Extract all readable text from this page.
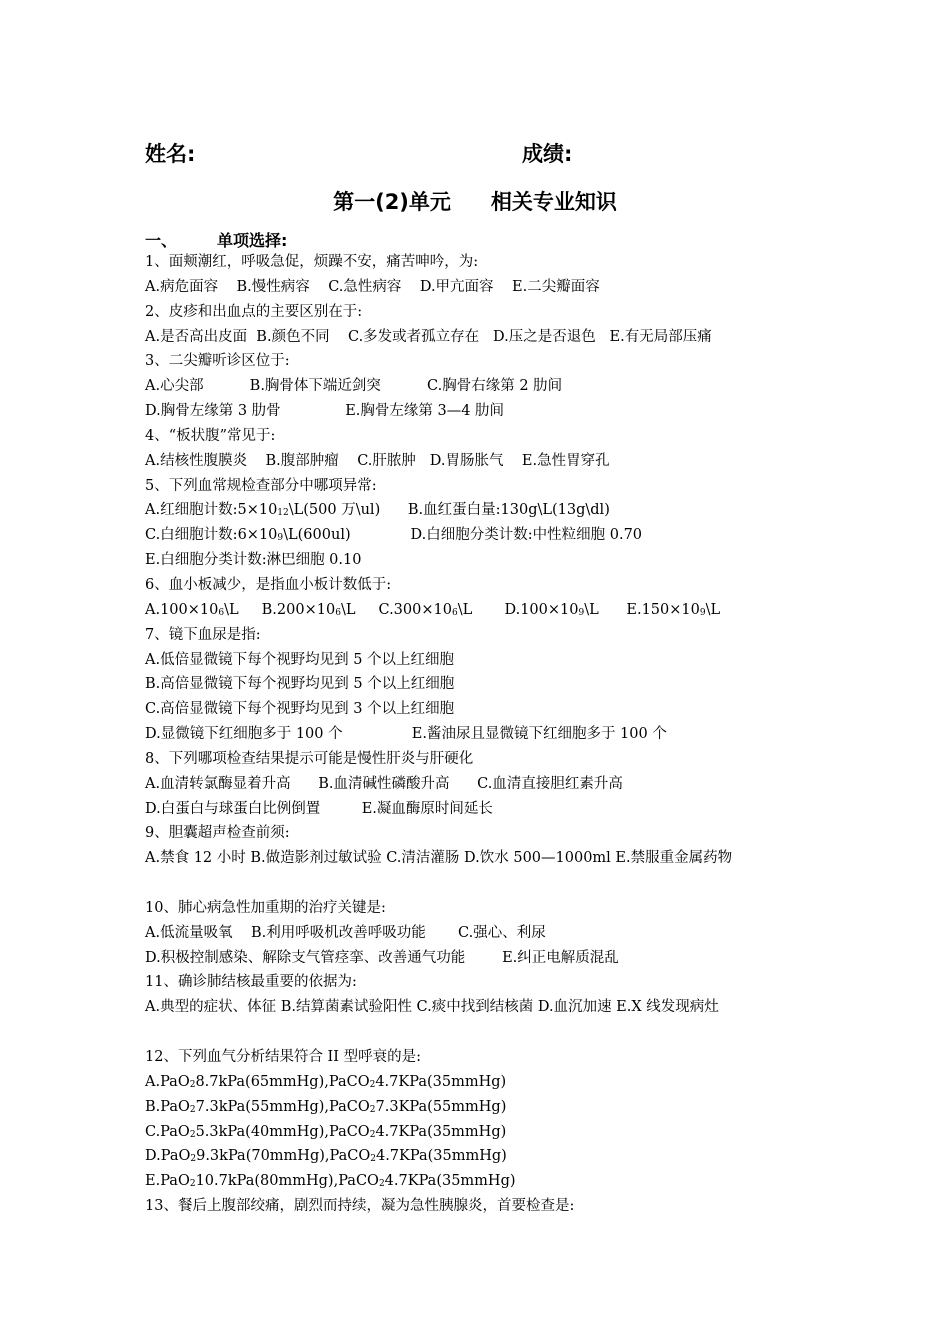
姓名:	成绩:
第一(2)单元 相关专业知识
一、	单项选择:
1、面颊潮红，呼吸急促，烦躁不安，痛苦呻吟，为:
A.病危面容    B.慢性病容    C.急性病容    D.甲亢面容    E.二尖瓣面容
2、皮疹和出血点的主要区别在于:
A.是否高出皮面  B.颜色不同    C.多发或者孤立存在   D.压之是否退色   E.有无局部压痛
3、二尖瓣听诊区位于:
A.心尖部          B.胸骨体下端近剑突          C.胸骨右缘第 2 肋间
D.胸骨左缘第 3 肋骨              E.胸骨左缘第 3—4 肋间
4、“板状腹”常见于:
A.结核性腹膜炎    B.腹部肿瘤    C.肝脓肿   D.胃肠胀气    E.急性胃穿孔
5、下列血常规检查部分中哪项异常:
A.红细胞计数$:5\times 10_{12}\backslash L(500$ 万\ul)      B.血红蛋白量:130g\L(13g\dl)
C.白细胞计数$:6\times 10_9\backslash L(600ul)$             D.白细胞分类计数:中性粒细胞 0.70
E.白细胞分类计数:淋巴细胞 0.10
6、血小板减少，是指血小板计数低于:
$A.100\times 10_6\backslash L$     $B.200\times 10_6\backslash L$     $C.300\times 10_6\backslash L$       $D.100\times 10_9\backslash L$      $E.150\times 10_9\backslash L$
7、镜下血尿是指:
A.低倍显微镜下每个视野均见到 5 个以上红细胞
B.高倍显微镜下每个视野均见到 5 个以上红细胞
C.高倍显微镜下每个视野均见到 3 个以上红细胞
D.显微镜下红细胞多于 100 个               E.酱油尿且显微镜下红细胞多于 100 个
8、下列哪项检查结果提示可能是慢性肝炎与肝硬化
A.血清转氯酶显着升高      B.血清碱性磷酸升高      C.血清直接胆红素升高
D.白蛋白与球蛋白比例倒置         E.凝血酶原时间延长
9、胆囊超声检查前须:
A.禁食 12 小时 B.做造影剂过敏试验 C.清洁灌肠 D.饮水 500—1000ml E.禁服重金属药物
10、肺心病急性加重期的治疗关键是:
A.低流量吸氧    B.利用呼吸机改善呼吸功能       C.强心、利尿
D.积极控制感染、解除支气管痉挛、改善通气功能        E.纠正电解质混乱
11、确诊肺结核最重要的依据为:
A.典型的症状、体征 B.结算菌素试验阳性 C.痰中找到结核菌 D.血沉加速 E.X 线发现病灶
12、下列血气分析结果符合 II 型呼衰的是:
A.PaO$_2$8.7kPa(65mmHg),PaCO$_2$4.7KPa(35mmHg)
B.PaO$_2$7.3kPa(55mmHg),PaCO$_2$7.3KPa(55mmHg)
C.PaO$_2$5.3kPa(40mmHg),PaCO$_2$4.7KPa(35mmHg)
D.PaO$_2$9.3kPa(70mmHg),PaCO$_2$4.7KPa(35mmHg)
E.PaO$_2$10.7kPa(80mmHg),PaCO$_2$4.7KPa(35mmHg)
13、餐后上腹部绞痛，剧烈而持续，凝为急性胰腺炎，首要检查是:
